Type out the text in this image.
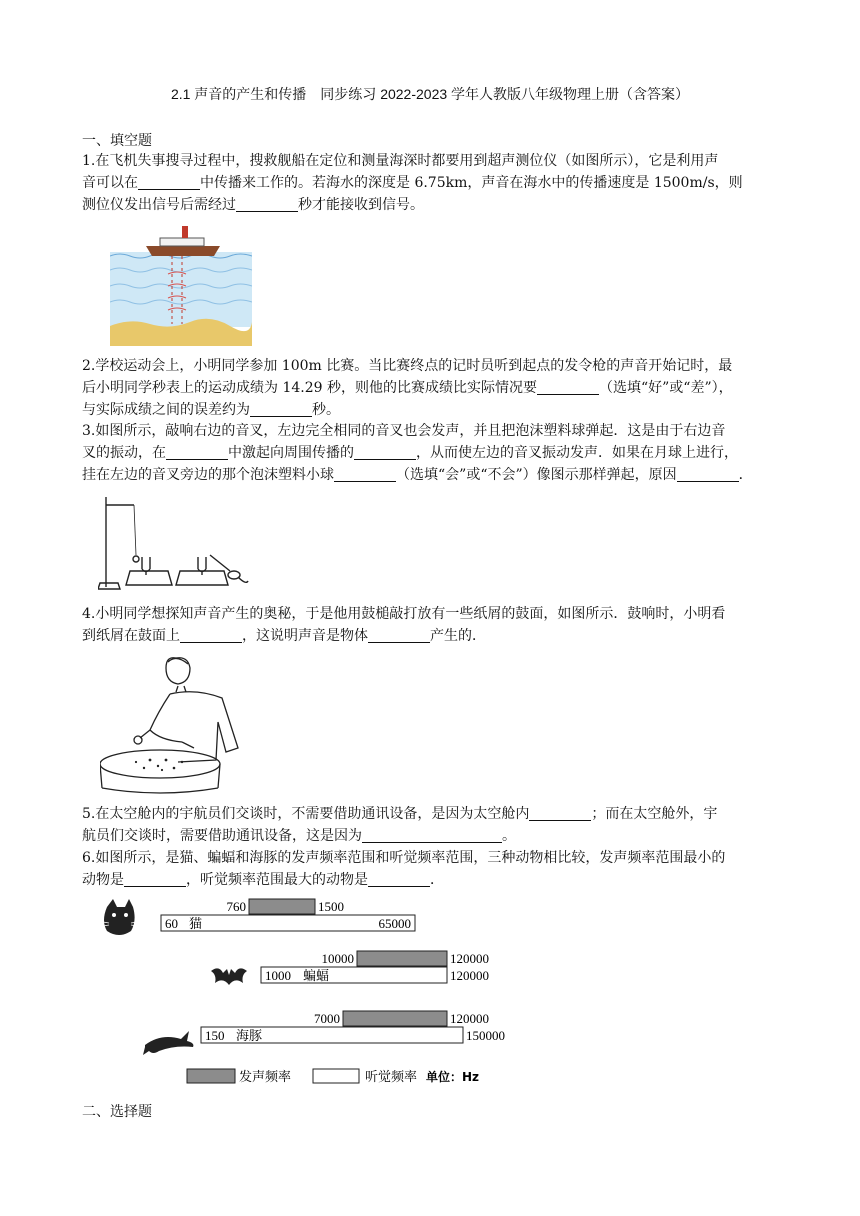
2.1 声音的产生和传播　同步练习 2022-2023 学年人教版八年级物理上册（含答案）
一、填空题
1.在飞机失事搜寻过程中，搜救舰船在定位和测量海深时都要用到超声测位仪（如图所示），它是利用声
音可以在	中传播来工作的。若海水的深度是 6.75km，声音在海水中的传播速度是 1500m/s，则
测位仪发出信号后需经过	秒才能接收到信号。
2.学校运动会上，小明同学参加 100m 比赛。当比赛终点的记时员听到起点的发令枪的声音开始记时，最
后小明同学秒表上的运动成绩为 14.29 秒，则他的比赛成绩比实际情况要	（选填“好”或“差”），
与实际成绩之间的误差约为	秒。
3.如图所示，敲响右边的音叉，左边完全相同的音叉也会发声，并且把泡沫塑料球弹起．这是由于右边音
叉的振动，在	中激起向周围传播的	，从而使左边的音叉振动发声．如果在月球上进行，
挂在左边的音叉旁边的那个泡沫塑料小球	（选填“会”或“不会”）像图示那样弹起，原因	．
4.小明同学想探知声音产生的奥秘，于是他用鼓槌敲打放有一些纸屑的鼓面，如图所示．鼓响时，小明看
到纸屑在鼓面上	，这说明声音是物体	产生的．
5.在太空舱内的宇航员们交谈时，不需要借助通讯设备，是因为太空舱内	；而在太空舱外，宇
航员们交谈时，需要借助通讯设备，这是因为	。
6.如图所示，是猫、蝙蝠和海豚的发声频率范围和听觉频率范围，三种动物相比较，发声频率范围最小的
动物是	，听觉频率范围最大的动物是	．
760	1500
60 猫	65000
10000	120000
1000 蝙蝠	120000
7000	120000
150 海豚	150000
发声频率	听觉频率 单位：Hz
二、选择题
